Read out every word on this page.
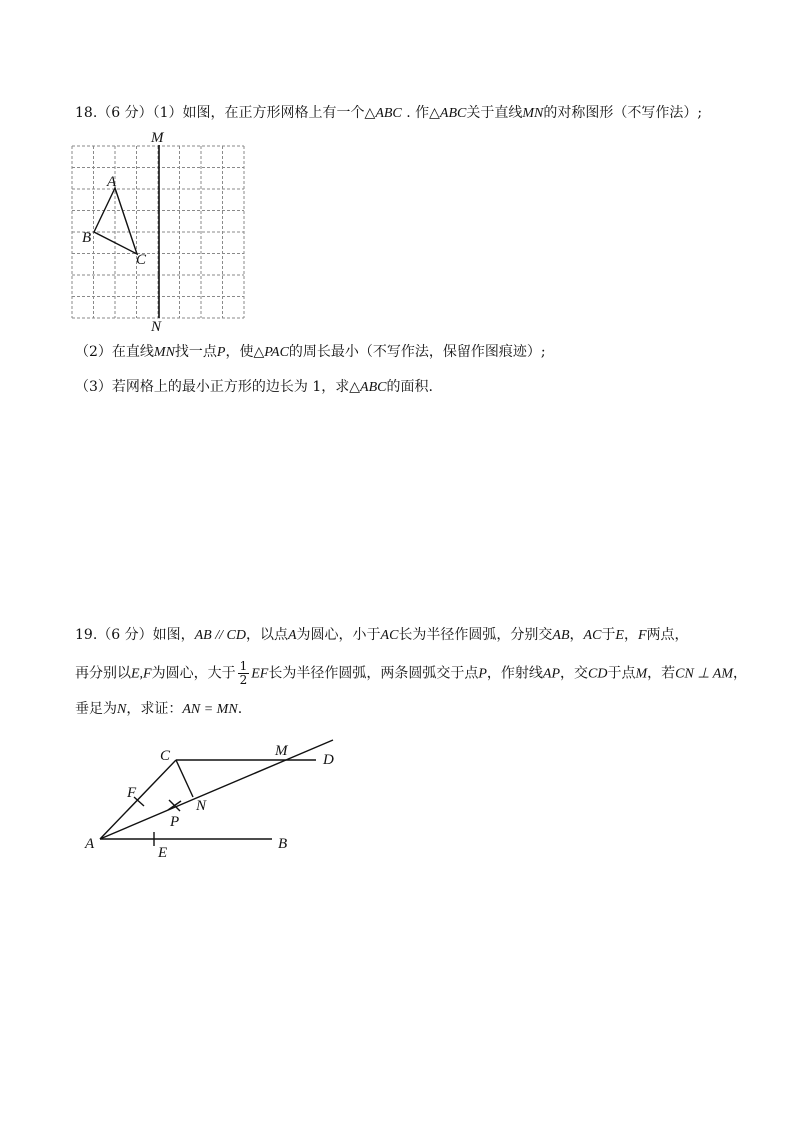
18.（6 分）（1）如图，在正方形网格上有一个△ABC . 作△ABC关于直线MN的对称图形（不写作法）;
M
N
A
B
C
（2）在直线MN找一点P，使△PAC的周长最小（不写作法，保留作图痕迹）;
（3）若网格上的最小正方形的边长为 1，求△ABC的面积.
19.（6 分）如图，AB // CD，以点A为圆心，小于AC长为半径作圆弧，分别交AB，AC于E，F两点，
再分别以E,F为圆心，大于 $\frac{1}{2}$ EF长为半径作圆弧，两条圆弧交于点P，作射线AP，交CD于点M，若CN ⊥ AM，
垂足为N，求证：AN = MN.
A	B
C	D
E
F
M
N
P
